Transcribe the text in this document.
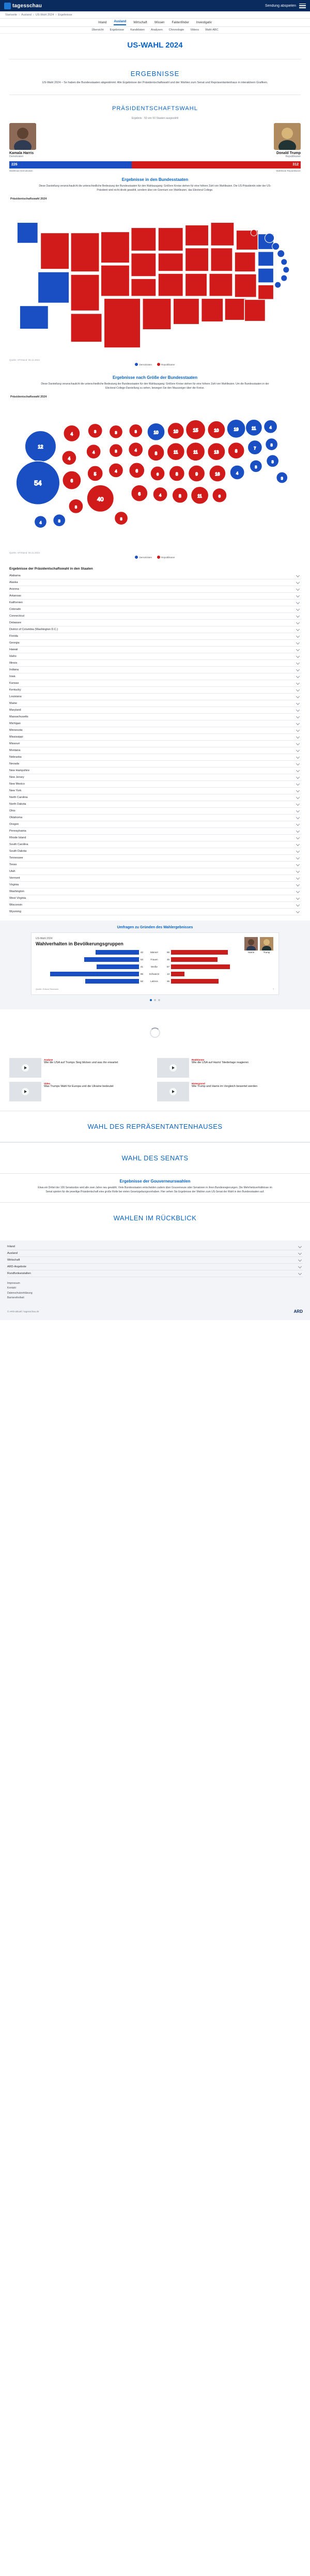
tagesschau	Sendung abspielen
Startseite › Ausland › US-Wahl 2024 › Ergebnisse
Inland Ausland Wirtschaft Wissen Faktenfinder Investigativ
Übersicht Ergebnisse Kandidaten Analysen Chronologie Videos Wahl-ABC
US-WAHL 2024
ERGEBNISSE
US-Wahl 2024 – So haben die Bundesstaaten abgestimmt: Alle Ergebnisse der Präsidentschaftswahl und der Wahlen zum Senat und Repräsentantenhaus in interaktiven Grafiken.
PRÄSIDENTSCHAFTSWAHL
Ergebnis · 50 von 50 Staaten ausgezählt
Kamala Harris
Demokraten
Donald Trump
Republikaner
226	312
Wahlleute Demokraten	Wahlleute Republikaner
Ergebnisse in den Bundesstaaten
Diese Darstellung veranschaulicht die unterschiedliche Bedeutung der Bundesstaaten für den Wahlausgang: Größere Kreise stehen für eine höhere Zahl von Wahlleuten. Die US-Präsidentin oder der US-Präsident wird nicht direkt gewählt, sondern über ein Gremium von Wahlleuten, das Electoral College.
Präsidentschaftswahl 2024
Quelle: AP/Stand: 06.11.2024
Demokraten	Republikaner
Ergebnisse nach Größe der Bundesstaaten
Diese Darstellung veranschaulicht die unterschiedliche Bedeutung der Bundesstaaten für den Wahlausgang: Größere Kreise stehen für eine höhere Zahl von Wahlleuten. Um die Bundesstaaten in der Electoral-College-Darstellung zu sehen, bewegen Sie den Mauszeiger über die Kreise.
Präsidentschaftswahl 2024
12
54
4
4
6
3
3
4
5
40
3
3
4
3
3
4
6
6
10
8
6
4
10
11
8
8
15
11
9
11
10
13
16
6
19
8
4
11
7
3
4
3
3
3
3
4
Quelle: AP/Stand: 06.11.2024
Demokraten	Republikaner
Ergebnisse der Präsidentschaftswahl in den Staaten
Alabama
Alaska
Arizona
Arkansas
Kalifornien
Colorado
Connecticut
Delaware
District of Columbia (Washington D.C.)
Florida
Georgia
Hawaii
Idaho
Illinois
Indiana
Iowa
Kansas
Kentucky
Louisiana
Maine
Maryland
Massachusetts
Michigan
Minnesota
Mississippi
Missouri
Montana
Nebraska
Nevada
New Hampshire
New Jersey
New Mexico
New York
North Carolina
North Dakota
Ohio
Oklahoma
Oregon
Pennsylvania
Rhode Island
South Carolina
South Dakota
Tennessee
Texas
Utah
Vermont
Virginia
Washington
West Virginia
Wisconsin
Wyoming
Umfragen zu Gründen des Wahlergebnisses
Harris	Trump
US-Wahl 2024
Wahlverhalten in Bevölkerungsgruppen
42	Männer	55
53	Frauen	45
41	Weiße	57
86	Schwarze	13
52	Latinos	46
Quelle: Edison Research	⇪
Analyse
Wie die USA auf Trumps Sieg blicken und was ihn erwartet
Reaktionen
Wie die USA auf Harris' Niederlage reagieren
Video
Was Trumps Wahl für Europa und die Ukraine bedeutet
Hintergrund
Wie Trump und Harris im Vergleich bewertet werden
WAHL DES REPRÄSENTANTENHAUSES
WAHL DES SENATS
Ergebnisse der Gouverneurswahlen
Etwa ein Drittel der 100 Senatssitze wird alle zwei Jahre neu gewählt. Viele Bundesstaaten entscheiden zudem über Gouverneure oder Senatoren in ihren Bundesregierungen. Die Mehrheitsverhältnisse im Senat spielen für die jeweilige Präsidentschaft eine große Rolle bei vielen Gesetzgebungsvorhaben. Hier sehen Sie Ergebnisse der Wahlen zum US-Senat der Wahl in den Bundesstaaten auf.
WAHLEN IM RÜCKBLICK
Inland
Ausland
Wirtschaft
ARD-Angebote
Rundfunkanstalten
Impressum
Kontakt
Datenschutzerklärung
Barrierefreiheit
© ARD-aktuell / tagesschau.de	ARD
